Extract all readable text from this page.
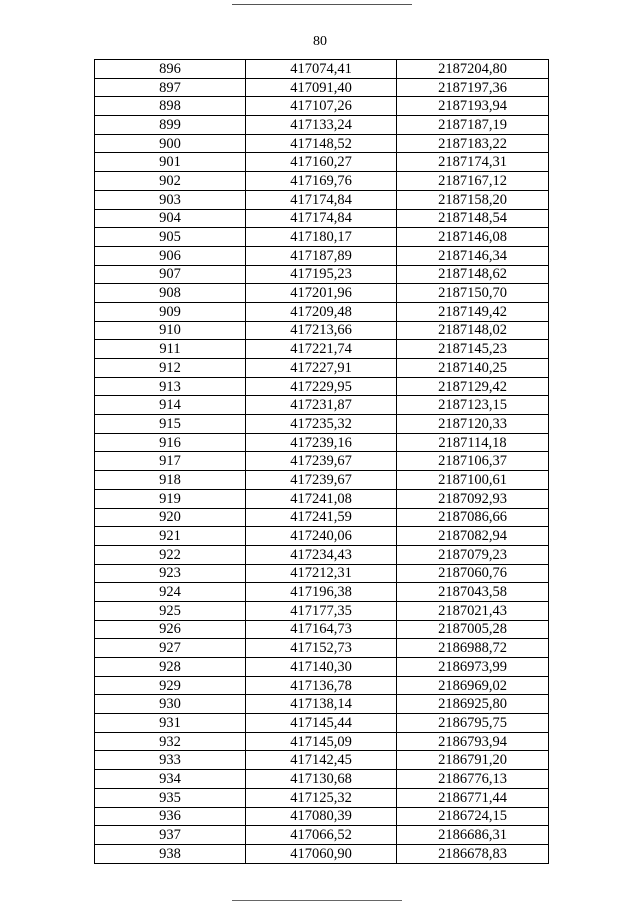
80
896	417074,41	2187204,80
897	417091,40	2187197,36
898	417107,26	2187193,94
899	417133,24	2187187,19
900	417148,52	2187183,22
901	417160,27	2187174,31
902	417169,76	2187167,12
903	417174,84	2187158,20
904	417174,84	2187148,54
905	417180,17	2187146,08
906	417187,89	2187146,34
907	417195,23	2187148,62
908	417201,96	2187150,70
909	417209,48	2187149,42
910	417213,66	2187148,02
911	417221,74	2187145,23
912	417227,91	2187140,25
913	417229,95	2187129,42
914	417231,87	2187123,15
915	417235,32	2187120,33
916	417239,16	2187114,18
917	417239,67	2187106,37
918	417239,67	2187100,61
919	417241,08	2187092,93
920	417241,59	2187086,66
921	417240,06	2187082,94
922	417234,43	2187079,23
923	417212,31	2187060,76
924	417196,38	2187043,58
925	417177,35	2187021,43
926	417164,73	2187005,28
927	417152,73	2186988,72
928	417140,30	2186973,99
929	417136,78	2186969,02
930	417138,14	2186925,80
931	417145,44	2186795,75
932	417145,09	2186793,94
933	417142,45	2186791,20
934	417130,68	2186776,13
935	417125,32	2186771,44
936	417080,39	2186724,15
937	417066,52	2186686,31
938	417060,90	2186678,83
